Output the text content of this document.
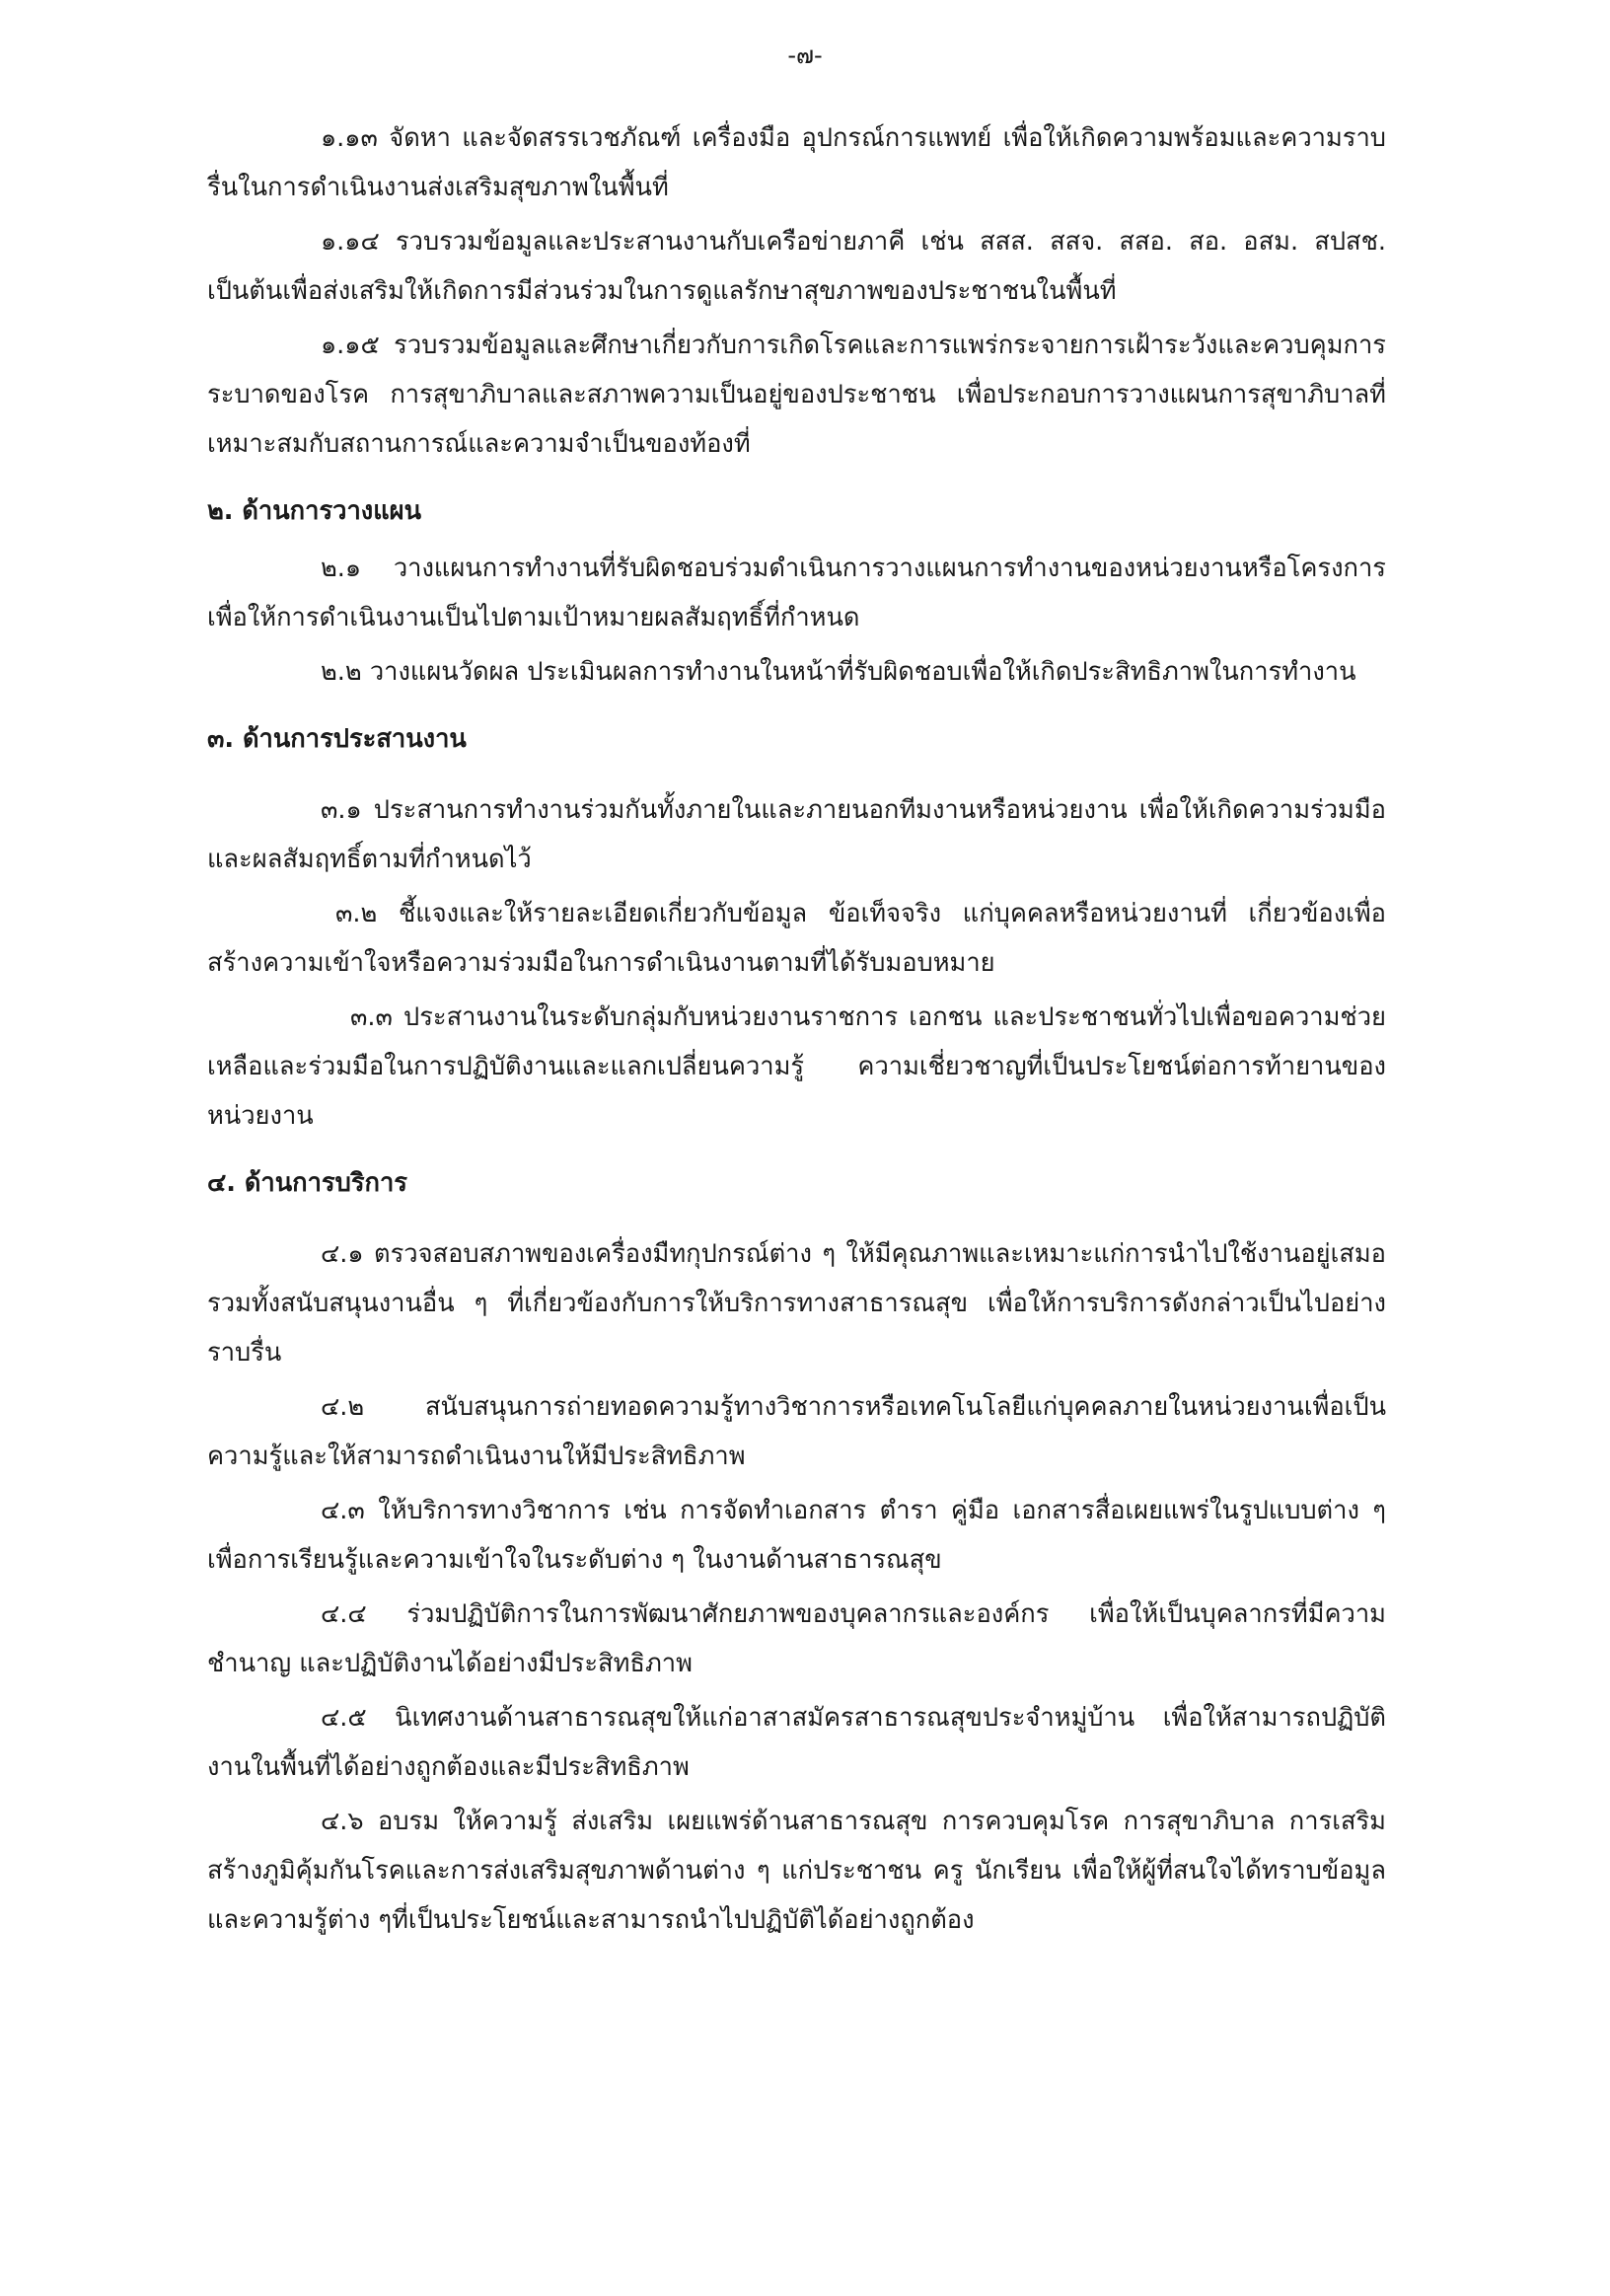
-๗-

๑.๑๓ จัดหา และจัดสรรเวชภัณฑ์ เครื่องมือ อุปกรณ์การแพทย์ เพื่อให้เกิดความพร้อมและความราบรื่นในการดำเนินงานส่งเสริมสุขภาพในพื้นที่

๑.๑๔ รวบรวมข้อมูลและประสานงานกับเครือข่ายภาคี เช่น สสส. สสจ. สสอ. สอ. อสม. สปสช. เป็นต้นเพื่อส่งเสริมให้เกิดการมีส่วนร่วมในการดูแลรักษาสุขภาพของประชาชนในพื้นที่

๑.๑๕ รวบรวมข้อมูลและศึกษาเกี่ยวกับการเกิดโรคและการแพร่กระจายการเฝ้าระวังและควบคุมการระบาดของโรค การสุขาภิบาลและสภาพความเป็นอยู่ของประชาชน เพื่อประกอบการวางแผนการสุขาภิบาลที่เหมาะสมกับสถานการณ์และความจำเป็นของท้องที่

๒. ด้านการวางแผน

๒.๑ วางแผนการทำงานที่รับผิดชอบร่วมดำเนินการวางแผนการทำงานของหน่วยงานหรือโครงการ เพื่อให้การดำเนินงานเป็นไปตามเป้าหมายผลสัมฤทธิ์ที่กำหนด

๒.๒ วางแผนวัดผล ประเมินผลการทำงานในหน้าที่รับผิดชอบเพื่อให้เกิดประสิทธิภาพในการทำงาน

๓. ด้านการประสานงาน

๓.๑ ประสานการทำงานร่วมกันทั้งภายในและภายนอกทีมงานหรือหน่วยงาน เพื่อให้เกิดความร่วมมือและผลสัมฤทธิ์ตามที่กำหนดไว้

๓.๒ ชี้แจงและให้รายละเอียดเกี่ยวกับข้อมูล ข้อเท็จจริง แก่บุคคลหรือหน่วยงานที่ เกี่ยวข้องเพื่อสร้างความเข้าใจหรือความร่วมมือในการดำเนินงานตามที่ได้รับมอบหมาย

๓.๓ ประสานงานในระดับกลุ่มกับหน่วยงานราชการ เอกชน และประชาชนทั่วไปเพื่อขอความช่วยเหลือและร่วมมือในการปฏิบัติงานและแลกเปลี่ยนความรู้ ความเชี่ยวชาญที่เป็นประโยชน์ต่อการท้ายานของหน่วยงาน

๔. ด้านการบริการ

๔.๑ ตรวจสอบสภาพของเครื่องมืทกุปกรณ์ต่าง ๆ ให้มีคุณภาพและเหมาะแก่การนำไปใช้งานอยู่เสมอ รวมทั้งสนับสนุนงานอื่น ๆ ที่เกี่ยวข้องกับการให้บริการทางสาธารณสุข เพื่อให้การบริการดังกล่าวเป็นไปอย่างราบรื่น

๔.๒ สนับสนุนการถ่ายทอดความรู้ทางวิชาการหรือเทคโนโลยีแก่บุคคลภายในหน่วยงานเพื่อเป็นความรู้และให้สามารถดำเนินงานให้มีประสิทธิภาพ

๔.๓ ให้บริการทางวิชาการ เช่น การจัดทำเอกสาร ตำรา คู่มือ เอกสารสื่อเผยแพร่ในรูปแบบต่าง ๆ เพื่อการเรียนรู้และความเข้าใจในระดับต่าง ๆ ในงานด้านสาธารณสุข

๔.๔ ร่วมปฏิบัติการในการพัฒนาศักยภาพของบุคลากรและองค์กร เพื่อให้เป็นบุคลากรที่มีความชำนาญ และปฏิบัติงานได้อย่างมีประสิทธิภาพ

๔.๕ นิเทศงานด้านสาธารณสุขให้แก่อาสาสมัครสาธารณสุขประจำหมู่บ้าน เพื่อให้สามารถปฏิบัติงานในพื้นที่ได้อย่างถูกต้องและมีประสิทธิภาพ

๔.๖ อบรม ให้ความรู้ ส่งเสริม เผยแพร่ด้านสาธารณสุข การควบคุมโรค การสุขาภิบาล การเสริมสร้างภูมิคุ้มกันโรคและการส่งเสริมสุขภาพด้านต่าง ๆ แก่ประชาชน ครู นักเรียน เพื่อให้ผู้ที่สนใจได้ทราบข้อมูลและความรู้ต่าง ๆที่เป็นประโยชน์และสามารถนำไปปฏิบัติได้อย่างถูกต้อง
